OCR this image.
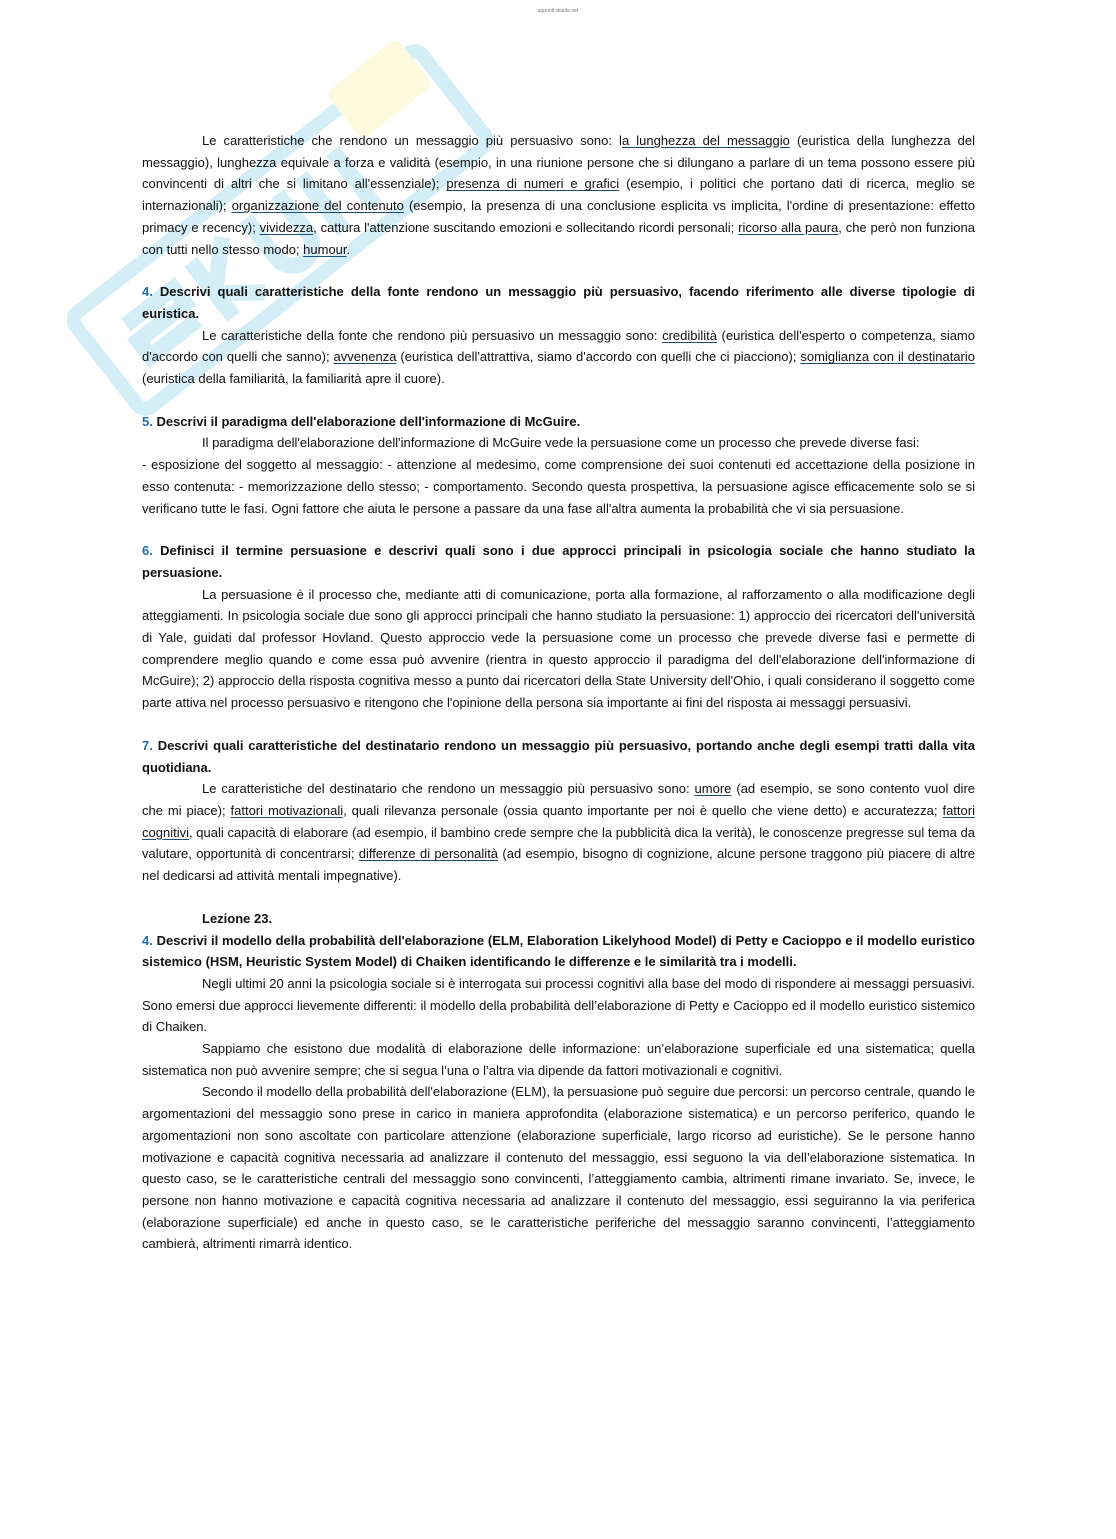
appunti skuola.net

Le caratteristiche che rendono un messaggio più persuasivo sono: la lunghezza del messaggio (euristica della lunghezza del messaggio), lunghezza equivale a forza e validità (esempio, in una riunione persone che si dilungano a parlare di un tema possono essere più convincenti di altri che si limitano all'essenziale); presenza di numeri e grafici (esempio, i politici che portano dati di ricerca, meglio se internazionali); organizzazione del contenuto (esempio, la presenza di una conclusione esplicita vs implicita, l'ordine di presentazione: effetto primacy e recency); vividezza, cattura l'attenzione suscitando emozioni e sollecitando ricordi personali; ricorso alla paura, che però non funziona con tutti nello stesso modo; humour.

4. Descrivi quali caratteristiche della fonte rendono un messaggio più persuasivo, facendo riferimento alle diverse tipologie di euristica.

Le caratteristiche della fonte che rendono più persuasivo un messaggio sono: credibilità (euristica dell'esperto o competenza, siamo d'accordo con quelli che sanno); avvenenza (euristica dell'attrattiva, siamo d'accordo con quelli che ci piacciono); somiglianza con il destinatario (euristica della familiarità, la familiarità apre il cuore).

5. Descrivi il paradigma dell'elaborazione dell'informazione di McGuire.

Il paradigma dell'elaborazione dell'informazione di McGuire vede la persuasione come un processo che prevede diverse fasi:

- esposizione del soggetto al messaggio: - attenzione al medesimo, come comprensione dei suoi contenuti ed accettazione della posizione in esso contenuta: - memorizzazione dello stesso; - comportamento. Secondo questa prospettiva, la persuasione agisce efficacemente solo se si verificano tutte le fasi. Ogni fattore che aiuta le persone a passare da una fase all'altra aumenta la probabilità che vi sia persuasione.

6. Definisci il termine persuasione e descrivi quali sono i due approcci principali in psicologia sociale che hanno studiato la persuasione.

La persuasione è il processo che, mediante atti di comunicazione, porta alla formazione, al rafforzamento o alla modificazione degli atteggiamenti. In psicologia sociale due sono gli approcci principali che hanno studiato la persuasione: 1) approccio dei ricercatori dell'università di Yale, guidati dal professor Hovland. Questo approccio vede la persuasione come un processo che prevede diverse fasi e permette di comprendere meglio quando e come essa può avvenire (rientra in questo approccio il paradigma del dell'elaborazione dell'informazione di McGuire); 2) approccio della risposta cognitiva messo a punto dai ricercatori della State University dell'Ohio, i quali considerano il soggetto come parte attiva nel processo persuasivo e ritengono che l'opinione della persona sia importante ai fini del risposta ai messaggi persuasivi.

7. Descrivi quali caratteristiche del destinatario rendono un messaggio più persuasivo, portando anche degli esempi tratti dalla vita quotidiana.

Le caratteristiche del destinatario che rendono un messaggio più persuasivo sono: umore (ad esempio, se sono contento vuol dire che mi piace); fattori motivazionali, quali rilevanza personale (ossia quanto importante per noi è quello che viene detto) e accuratezza; fattori cognitivi, quali capacità di elaborare (ad esempio, il bambino crede sempre che la pubblicità dica la verità), le conoscenze pregresse sul tema da valutare, opportunità di concentrarsi; differenze di personalità (ad esempio, bisogno di cognizione, alcune persone traggono più piacere di altre nel dedicarsi ad attività mentali impegnative).

Lezione 23.

4. Descrivi il modello della probabilità dell'elaborazione (ELM, Elaboration Likelyhood Model) di Petty e Cacioppo e il modello euristico sistemico (HSM, Heuristic System Model) di Chaiken identificando le differenze e le similarità tra i modelli.

Negli ultimi 20 anni la psicologia sociale si è interrogata sui processi cognitivi alla base del modo di rispondere ai messaggi persuasivi. Sono emersi due approcci lievemente differenti: il modello della probabilità dell’elaborazione di Petty e Cacioppo ed il modello euristico sistemico di Chaiken.

Sappiamo che esistono due modalità di elaborazione delle informazione: un’elaborazione superficiale ed una sistematica; quella sistematica non può avvenire sempre; che si segua l’una o l’altra via dipende da fattori motivazionali e cognitivi.

Secondo il modello della probabilità dell'elaborazione (ELM), la persuasione può seguire due percorsi: un percorso centrale, quando le argomentazioni del messaggio sono prese in carico in maniera approfondita (elaborazione sistematica) e un percorso periferico, quando le argomentazioni non sono ascoltate con particolare attenzione (elaborazione superficiale, largo ricorso ad euristiche). Se le persone hanno motivazione e capacità cognitiva necessaria ad analizzare il contenuto del messaggio, essi seguono la via dell’elaborazione sistematica. In questo caso, se le caratteristiche centrali del messaggio sono convincenti, l’atteggiamento cambia, altrimenti rimane invariato. Se, invece, le persone non hanno motivazione e capacità cognitiva necessaria ad analizzare il contenuto del messaggio, essi seguiranno la via periferica (elaborazione superficiale) ed anche in questo caso, se le caratteristiche periferiche del messaggio saranno convincenti, l’atteggiamento cambierà, altrimenti rimarrà identico.
